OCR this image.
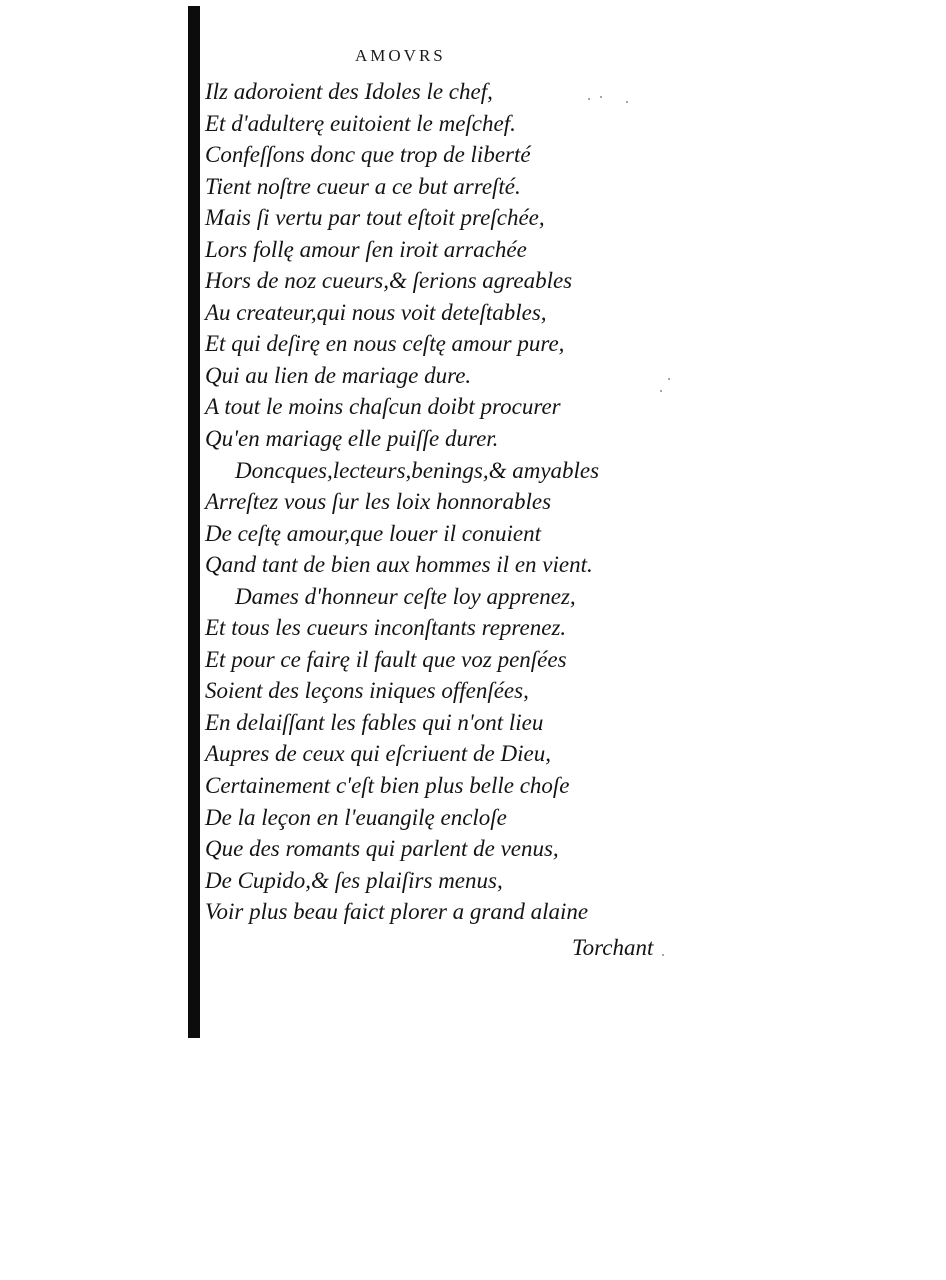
AMOVRS
Ilz adoroient des Idoles le chef,
Et d'adulterę euitoient le meſchef.
Confeſſons donc que trop de liberté
Tient noſtre cueur a ce but arreſté.
Mais ſi vertu par tout eſtoit preſchée,
Lors follę amour ſen iroit arrachée
Hors de noz cueurs,& ſerions agreables
Au createur,qui nous voit deteſtables,
Et qui deſirę en nous ceſtę amour pure,
Qui au lien de mariage dure.
A tout le moins chaſcun doibt procurer
Qu'en mariagę elle puiſſe durer.
Doncques,lecteurs,benings,& amyables
Arreſtez vous ſur les loix honnorables
De ceſtę amour,que louer il conuient
Qand tant de bien aux hommes il en vient.
Dames d'honneur ceſte loy apprenez,
Et tous les cueurs inconſtants reprenez.
Et pour ce fairę il fault que voz penſées
Soient des leçons iniques offenſées,
En delaiſſant les fables qui n'ont lieu
Aupres de ceux qui eſcriuent de Dieu,
Certainement c'eſt bien plus belle choſe
De la leçon en l'euangilę encloſe
Que des romants qui parlent de venus,
De Cupido,& ſes plaiſirs menus,
Voir plus beau faict plorer a grand alaine
Torchant
